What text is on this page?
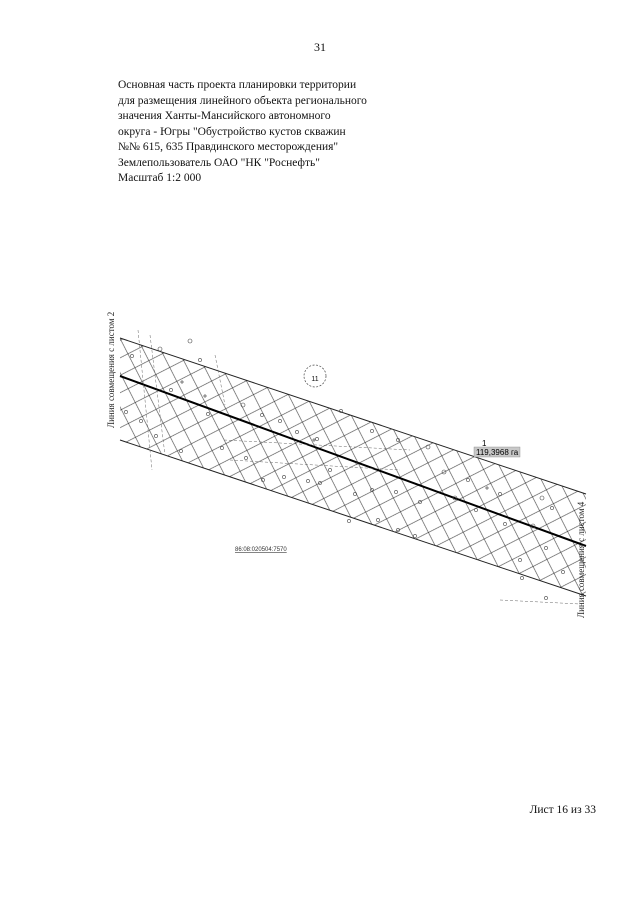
31
Основная часть проекта планировки территории
для размещения линейного объекта регионального
значения Ханты-Мансийского автономного
округа - Югры "Обустройство кустов скважин
№№ 615, 635 Правдинского месторождения"
Землепользователь ОАО "НК "Роснефть"
Масштаб 1:2 000
11
1
119,3968 га
86:08:020504:7570
Линия совмещения с листом 2
Линия совмещения с листом 4
Лист 16 из 33
